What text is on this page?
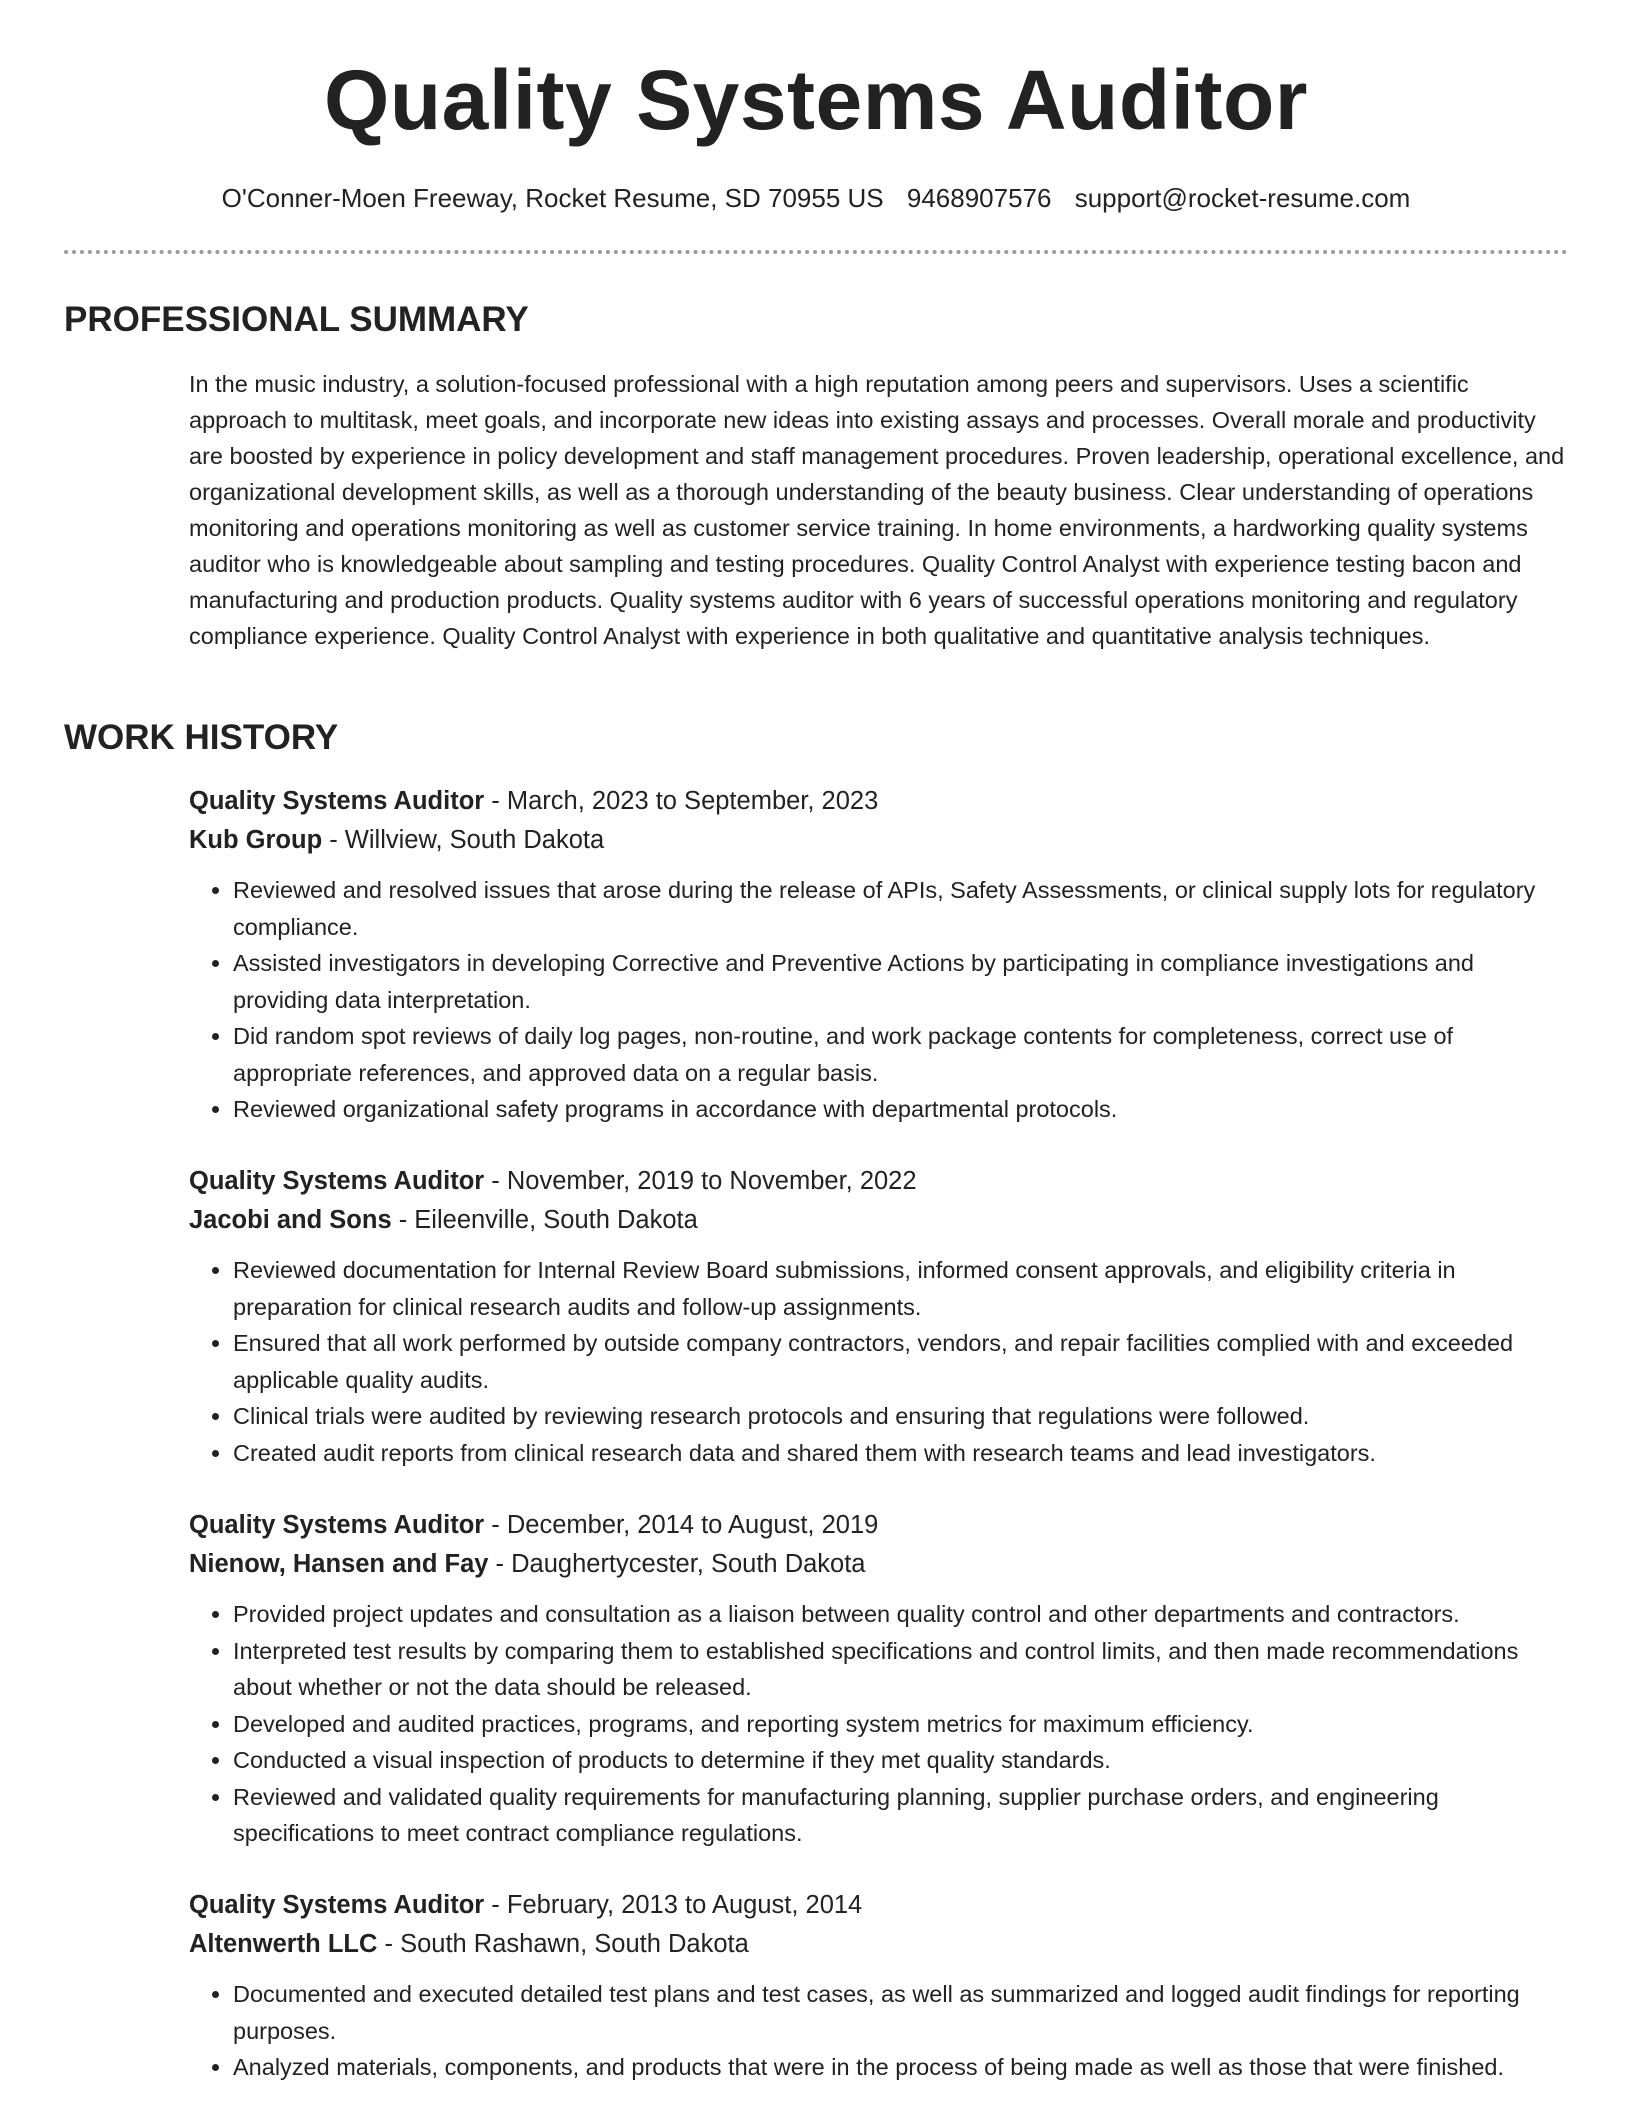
Quality Systems Auditor
O'Conner-Moen Freeway, Rocket Resume, SD 70955 US 9468907576 support@rocket-resume.com
PROFESSIONAL SUMMARY

In the music industry, a solution-focused professional with a high reputation among peers and supervisors. Uses a scientific approach to multitask, meet goals, and incorporate new ideas into existing assays and processes. Overall morale and productivity are boosted by experience in policy development and staff management procedures. Proven leadership, operational excellence, and organizational development skills, as well as a thorough understanding of the beauty business. Clear understanding of operations monitoring and operations monitoring as well as customer service training. In home environments, a hardworking quality systems auditor who is knowledgeable about sampling and testing procedures. Quality Control Analyst with experience testing bacon and manufacturing and production products. Quality systems auditor with 6 years of successful operations monitoring and regulatory compliance experience. Quality Control Analyst with experience in both qualitative and quantitative analysis techniques.

WORK HISTORY
Quality Systems Auditor - March, 2023 to September, 2023
Kub Group - Willview, South Dakota
• Reviewed and resolved issues that arose during the release of APIs, Safety Assessments, or clinical supply lots for regulatory compliance.
• Assisted investigators in developing Corrective and Preventive Actions by participating in compliance investigations and providing data interpretation.
• Did random spot reviews of daily log pages, non-routine, and work package contents for completeness, correct use of appropriate references, and approved data on a regular basis.
• Reviewed organizational safety programs in accordance with departmental protocols.
Quality Systems Auditor - November, 2019 to November, 2022
Jacobi and Sons - Eileenville, South Dakota
• Reviewed documentation for Internal Review Board submissions, informed consent approvals, and eligibility criteria in preparation for clinical research audits and follow-up assignments.
• Ensured that all work performed by outside company contractors, vendors, and repair facilities complied with and exceeded applicable quality audits.
• Clinical trials were audited by reviewing research protocols and ensuring that regulations were followed.
• Created audit reports from clinical research data and shared them with research teams and lead investigators.
Quality Systems Auditor - December, 2014 to August, 2019
Nienow, Hansen and Fay - Daughertycester, South Dakota
• Provided project updates and consultation as a liaison between quality control and other departments and contractors.
• Interpreted test results by comparing them to established specifications and control limits, and then made recommendations about whether or not the data should be released.
• Developed and audited practices, programs, and reporting system metrics for maximum efficiency.
• Conducted a visual inspection of products to determine if they met quality standards.
• Reviewed and validated quality requirements for manufacturing planning, supplier purchase orders, and engineering specifications to meet contract compliance regulations.
Quality Systems Auditor - February, 2013 to August, 2014
Altenwerth LLC - South Rashawn, South Dakota
• Documented and executed detailed test plans and test cases, as well as summarized and logged audit findings for reporting purposes.
• Analyzed materials, components, and products that were in the process of being made as well as those that were finished.
